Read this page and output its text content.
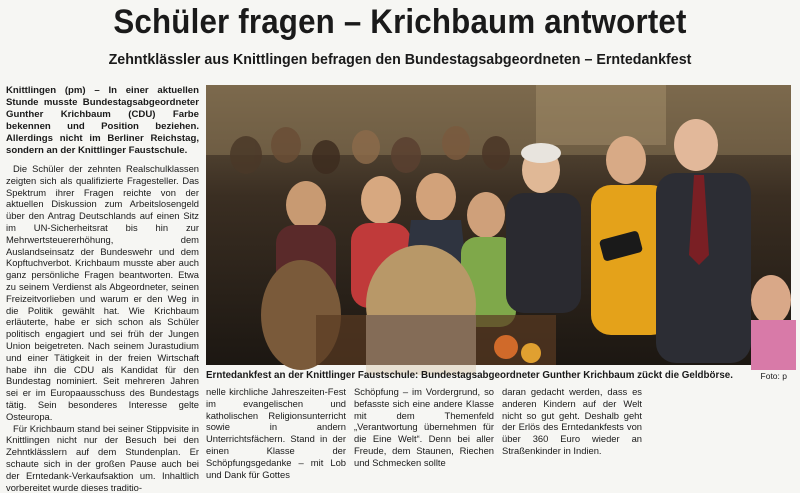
Schüler fragen – Krichbaum antwortet
Zehntklässler aus Knittlingen befragen den Bundestagsabgeordneten – Erntedankfest

Knittlingen (pm) – In einer aktuellen Stunde musste Bundestagsabgeordneter Gunther Krichbaum (CDU) Farbe bekennen und Position beziehen. Allerdings nicht im Berliner Reichstag, sondern an der Knittlinger Faustschule.

Die Schüler der zehnten Realschulklassen zeigten sich als qualifizierte Fragesteller. Das Spektrum ihrer Fragen reichte von der aktuellen Diskussion zum Arbeitslosengeld über den Antrag Deutschlands auf einen Sitz im UN-Sicherheitsrat bis hin zur Mehrwertsteuererhöhung, dem Auslandseinsatz der Bundeswehr und dem Kopftuchverbot. Krichbaum musste aber auch ganz persönliche Fragen beantworten. Etwa zu seinem Verdienst als Abgeordneter, seinen Freizeitvorlieben und warum er den Weg in die Politik gewählt hat. Wie Krichbaum erläuterte, habe er sich schon als Schüler politisch engagiert und sei früh der Jungen Union beigetreten. Nach seinem Jurastudium und einer Tätigkeit in der freien Wirtschaft habe ihn die CDU als Kandidat für den Bundestag nominiert. Seit mehreren Jahren sei er im Europaausschuss des Bundestags tätig. Sein besonderes Interesse gelte Osteuropa.

Für Krichbaum stand bei seiner Stippvisite in Knittlingen nicht nur der Besuch bei den Zehntklässlern auf dem Stundenplan. Er schaute sich in der großen Pause auch bei der Erntedank-Verkaufsaktion um. Inhaltlich vorbereitet wurde dieses traditio-

Erntedankfest an der Knittlinger Faustschule: Bundestagsabgeordneter Gunther Krichbaum zückt die Geldbörse.	Foto: p

nelle kirchliche Jahreszeiten-Fest im evangelischen und katholischen Religionsunterricht sowie in andern Unterrichtsfächern. Stand in der einen Klasse der Schöpfungsgedanke – mit Lob und Dank für Gottes

Schöpfung – im Vordergrund, so befasste sich eine andere Klasse mit dem Themenfeld „Verantwortung übernehmen für die Eine Welt“. Denn bei aller Freude, dem Staunen, Riechen und Schmecken sollte

daran gedacht werden, dass es anderen Kindern auf der Welt nicht so gut geht. Deshalb geht der Erlös des Erntedankfests von über 360 Euro wieder an Straßenkinder in Indien.
